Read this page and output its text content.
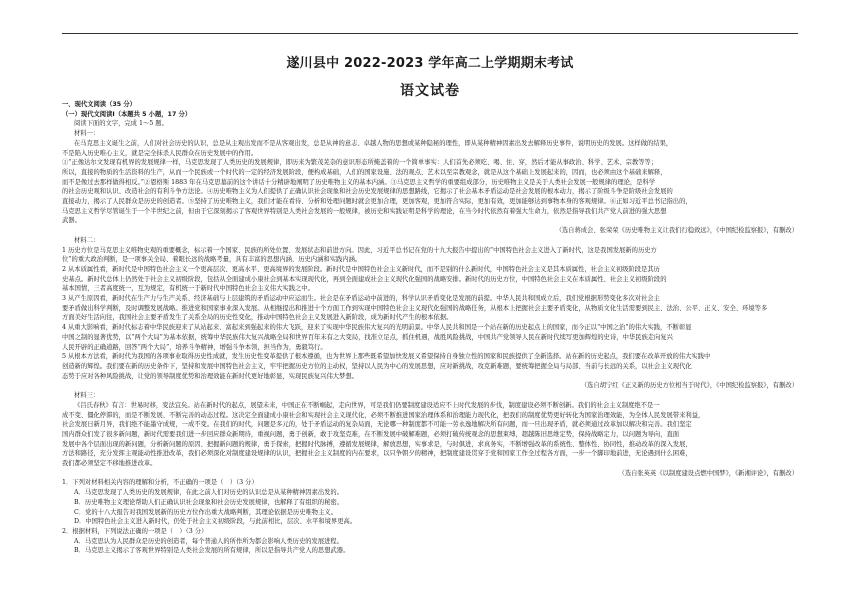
遂川县中 2022-2023 学年高二上学期期末考试
语文试卷
一、现代文阅读（35 分）
（一）现代文阅读Ⅰ（本题共 5 小题，17 分）
阅读下面的文字，完成 1～5 题。
材料一：
在马克思主义诞生之前，人们对社会历史的认识，总是从主观出发而不是从客观出发，总是从神的意志、卓越人物的思想或某种隐秘的理性，即从某种精神因素出发去解释历史事件，说明历史的发展。这样做的结果，
不是陷入历史唯心主义，就是完全抹杀人民群众在历史发展中的作用。
①“正像达尔文发现有机界的发展规律一样，马克思发现了人类历史的发展规律，即历来为繁茂芜杂的意识形态所掩盖着的一个简单事实：人们首先必须吃、喝、住、穿，然后才能从事政治、科学、艺术、宗教等等；
所以，直接的物质的生活资料的生产，从而一个民族或一个时代的一定的经济发展阶段，便构成基础，人们的国家设施、法的观点、艺术以至宗教观念，就是从这个基础上发展起来的，因而，也必须由这个基础来解释，
而不是像过去那样做得相反。”②恩格斯 1883 年在马克思墓前的这个讲话十分精辟地阐明了历史唯物主义的基本内涵。③马克思主义哲学的重要组成部分，历史唯物主义是关于人类社会发展一般规律的理论，是科学
的社会历史观和认识、改造社会的有利斗争方法论。④历史唯物主义为人们提供了正确认识社会现象和社会历史发展规律的思想路线，它揭示了社会基本矛盾运动是社会发展的根本动力，揭示了阶级斗争是阶级社会发展的
直接动力，揭示了人民群众是历史的创造者。⑤坚持了历史唯物主义，我们才能在看待、分析和处理问题时就会更加合理，更加客观，更加符合实际，更加有效，更加能够达到事物本身的客观规律。⑥正如习近平总书记指出的，
马克思主义哲学尽管诞生于一个半世纪之前，但由于它深刻揭示了客观世界特别是人类社会发展的一般规律，被历史和实践证明是科学的理论，在当今时代依然有着强大生命力，依然是指导我们共产党人前进的强大思想
武器。
（选自蒋成会、张荣荣《历史唯物主义让我们行稳致远》，《中国纪检监察报》，有删改）
材料二：
1 历史方位是马克思主义唯物史观的重要概念，标示着一个国家、民族的所处位置、发展状态和前进方向。因此，习近平总书记在党的十九大报告中提出的“中国特色社会主义进入了新时代，这是我国发展新的历史方
位”的重大政治判断，是一项事关全局、着眼长远的战略考量，具有丰富的思想内涵、历史内涵和实践内涵。
2 从本质属性看，新时代是中国特色社会主义一个更高层次、更高水平、更高境界的发展阶段。新时代是中国特色社会主义新时代，而不是别的什么新时代，中国特色社会主义是其本质属性，社会主义初级阶段是其历
史基点。新时代总体上仍然处于社会主义初级阶段，包括从全面建成小康社会到基本实现现代化，再到全面建成社会主义现代化强国的战略安排。新时代的历史方位，中国特色社会主义在本质属性、社会主义初级阶段的
基本国情，三者高度统一，互为规定，有机统一于新时代中国特色社会主义伟大实践之中。
3 从产生原因看，新时代在生产力与生产关系、经济基础与上层建筑的矛盾运动中应运而生。社会是在矛盾运动中前进的，科学认识矛盾变化是发展的前提。中华人民共和国成立后，我们党根据形势变化多次对社会主
要矛盾做出科学判断，及时调整发展战略。推进党和国家事业深入发展。从相继提出和推进十个方面工作到实现中国特色社会主义现代化强国的战略任务，从根本上把握社会主要矛盾变化，从物质文化生活需要到民主、法治、公平、正义、安全、环境等多
方面美好生活向往，我国社会主要矛盾发生了关系全局的历史性变化，推动中国特色社会主义发展进入新阶段，成为新时代产生的根本依据。
4 从重大影响看，新时代标志着中华民族迎来了从站起来、富起来到强起来的伟大飞跃，迎来了实现中华民族伟大复兴的光明前景。中华人民共和国是一个站在新的历史起点上的国家，而今正以“中国之治”的伟大实践，不断彰显
中国之制的显著优势，以“两个大局”为基本依据，统筹中华民族伟大复兴战略全局和世界百年未有之大变局，找准立足点，抓住机遇，战胜风险挑战，中国共产党领导人民在新时代续写更加辉煌的史诗，中华民族走向复兴
人民开辟的正确道路，回答“两个大局”，培养斗争精神，增强斗争本领，担当作为，勇毅笃行。
5 从根本方法看，新时代为我国的各项事业取得历史性成就，发生历史性变革提供了根本遵循，也为世界上那些既希望加快发展又希望保持自身独立性的国家和民族提供了全新选择。站在新的历史起点，我们要在改革开放的伟大实践中
创造新的辉煌。我们要在新的历史条件下，坚持和发展中国特色社会主义，牢牢把握历史方位的主动权，坚持以人民为中心的发展思想，应对新挑战，攻克新难题，要统筹把握全局与局部、当前与长远的关系，以社会主义现代化
态势于应对各种风险挑战，让党的领导制度优势和治理效能在新时代更好地彰显，实现民族复兴伟大梦想。
（选自胡宁红《正义新的历史方位相当于时代》，《中国纪检监察报》，有删改）
材料三：
《吕氏春秋》有言：世易时移，变法宜矣。站在新时代的起点，展望未来，中国正在不断崛起，走向世界，可是我们仍要制度建设适应不上时代发展的步伐，制度建设必须不断创新。我们的社会主义制度绝不是一
成不变、僵化停滞的，而是不断发展、不断完善的动态过程。这决定全面建成小康社会和实现社会主义现代化，必须不断推进国家治理体系和治理能力现代化，把我们的制度优势更好转化为国家治理效能，为全体人民发展带来利益，
社会发展日新月异，我们绝不能墨守成规，一成不变。在我们的时代，问题是多元的，处于矛盾运动的复杂局面，无论哪一种制度都不可能一劳永逸地解决所有问题，而一旦出现矛盾，就必须通过改革加以解决和完善。我们坚定
国内群众们发了很多新问题，新时代需要我们进一步回应群众新期待，重视问题，勇于创新，敢于攻坚克难，在不断发展中破解难题，必须打破传统观念的思想束缚，超越陈旧思维定势，保持战略定力，以问题为导向，直面
发展中各个层面出现的新问题，分析新问题的原因、把握新问题的规律，勇于探索，把握时代脉搏，遵循发展规律，解放思想，实事求是，与时俱进，求真务实，不断增强改革的系统性、整体性、协同性，推动改革的深入发展，
方法和路径，充分发挥主观能动性推进改革，我们必须深化对制度建设规律的认识，把握社会主义制度的内在要求，以只争朝夕的精神，把制度建设贯穿于党和国家工作全过程各方面，一步一个脚印地前进，无论遇到什么困难，
我们都必须坚定不移地推进改革。
（选自张英英《以制度建设点燃中国梦》，《新湘评论》，有删改）
1．下列对材料相关内容的理解和分析，不正确的一项是（　）（3 分）
A．马克思发现了人类历史的发展规律，在此之前人们对历史的认识总是从某种精神因素出发的。
B．历史唯物主义理论帮助人们正确认识社会现象和社会历史发展规律，也解释了有组织的秘密。
C．党的十八大报告对我国发展新的历史方位作出重大战略判断，其理论依据是历史唯物主义。
D．中国特色社会主义进入新时代，仍处于社会主义初级阶段，与此前相比，层次、水平和境界更高。
2．根据材料，下列说法正确的一项是（　）（3 分）
A．马克思认为人民群众是历史的创造者，每个普通人的所作所为都会影响人类历史的发展进程。
B．马克思主义揭示了客观世界特别是人类社会发展的所有规律，所以是指导共产党人的思想武器。
